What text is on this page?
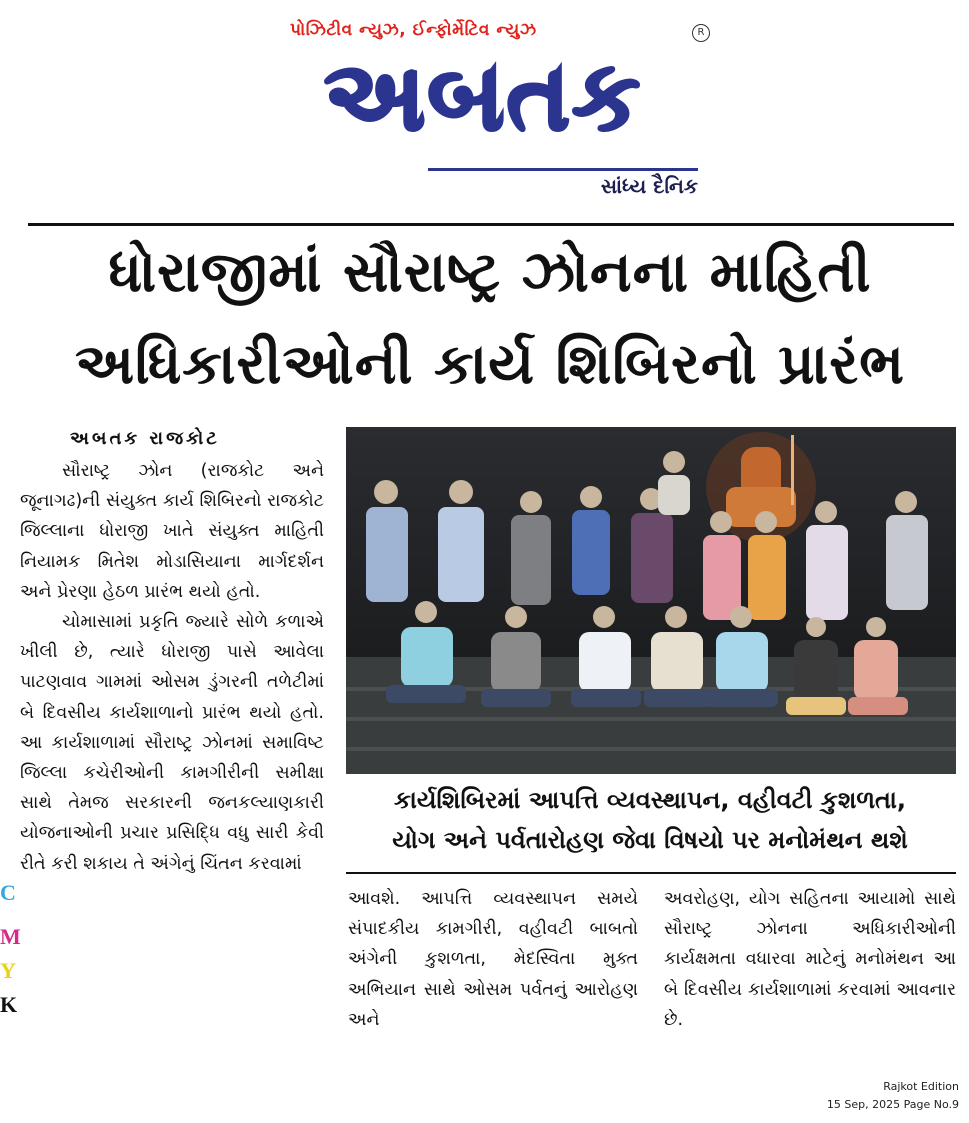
પોઝિટીવ ન્યુઝ, ઈન્ફોર્મેટિવ ન્યુઝ	R
અબતક
સાંધ્ય દૈનિક
ધોરાજીમાં સૌરાષ્ટ્ર ઝોનના માહિતી
અધિકારીઓની કાર્ય શિબિરનો પ્રારંભ
અબતક રાજકોટ

સૌરાષ્ટ્ર ઝોન (રાજકોટ અને જૂનાગઢ)ની સંયુક્ત કાર્ય શિબિરનો રાજકોટ જિલ્લાના ધોરાજી ખાતે સંયુક્ત માહિતી નિયામક મિતેશ મોડાસિયાના માર્ગદર્શન અને પ્રેરણા હેઠળ પ્રારંભ થયો હતો.

ચોમાસામાં પ્રકૃતિ જ્યારે સોળે કળાએ ખીલી છે, ત્યારે ધોરાજી પાસે આવેલા પાટણવાવ ગામમાં ઓસમ ડુંગરની તળેટીમાં બે દિવસીય કાર્યશાળાનો પ્રારંભ થયો હતો. આ કાર્યશાળામાં સૌરાષ્ટ્ર ઝોનમાં સમાવિષ્ટ જિલ્લા કચેરીઓની કામગીરીની સમીક્ષા સાથે તેમજ સરકારની જનકલ્યાણકારી યોજનાઓની પ્રચાર પ્રસિદ્ધિ વધુ સારી કેવી રીતે કરી શકાય તે અંગેનું ચિંતન કરવામાં

કાર્યશિબિરમાં આપત્તિ વ્યવસ્થાપન, વહીવટી કુશળતા,
યોગ અને પર્વતારોહણ જેવા વિષયો પર મનોમંથન થશે
આવશે. આપત્તિ વ્યવસ્થાપન સમયે સંપાદકીય કામગીરી, વહીવટી બાબતો અંગેની કુશળતા, મેદસ્વિતા મુક્ત અભિયાન સાથે ઓસમ પર્વતનું આરોહણ અને
અવરોહણ, યોગ સહિતના આયામો સાથે સૌરાષ્ટ્ર ઝોનના અધિકારીઓની કાર્યક્ષમતા વધારવા માટેનું મનોમંથન આ બે દિવસીય કાર્યશાળામાં કરવામાં આવનાર છે.
C
M
Y
K
Rajkot Edition
15 Sep, 2025 Page No.9
